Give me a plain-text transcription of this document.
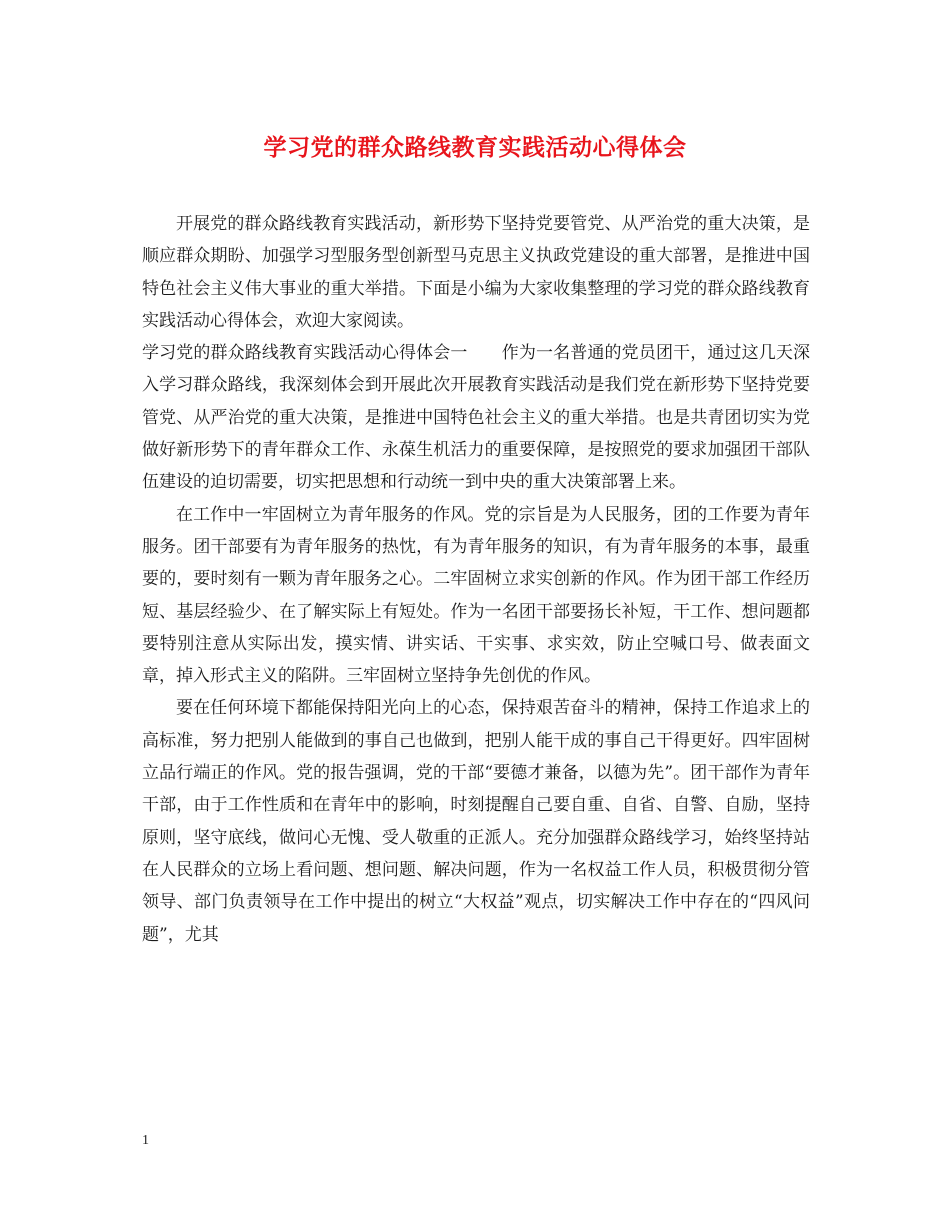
学习党的群众路线教育实践活动心得体会

开展党的群众路线教育实践活动，新形势下坚持党要管党、从严治党的重大决策，是顺应群众期盼、加强学习型服务型创新型马克思主义执政党建设的重大部署，是推进中国特色社会主义伟大事业的重大举措。下面是小编为大家收集整理的学习党的群众路线教育实践活动心得体会，欢迎大家阅读。

学习党的群众路线教育实践活动心得体会一　　作为一名普通的党员团干，通过这几天深入学习群众路线，我深刻体会到开展此次开展教育实践活动是我们党在新形势下坚持党要管党、从严治党的重大决策，是推进中国特色社会主义的重大举措。也是共青团切实为党做好新形势下的青年群众工作、永葆生机活力的重要保障，是按照党的要求加强团干部队伍建设的迫切需要，切实把思想和行动统一到中央的重大决策部署上来。

在工作中一牢固树立为青年服务的作风。党的宗旨是为人民服务，团的工作要为青年服务。团干部要有为青年服务的热忱，有为青年服务的知识，有为青年服务的本事，最重要的，要时刻有一颗为青年服务之心。二牢固树立求实创新的作风。作为团干部工作经历短、基层经验少、在了解实际上有短处。作为一名团干部要扬长补短，干工作、想问题都要特别注意从实际出发，摸实情、讲实话、干实事、求实效，防止空喊口号、做表面文章，掉入形式主义的陷阱。三牢固树立坚持争先创优的作风。

要在任何环境下都能保持阳光向上的心态，保持艰苦奋斗的精神，保持工作追求上的高标准，努力把别人能做到的事自己也做到，把别人能干成的事自己干得更好。四牢固树立品行端正的作风。党的报告强调，党的干部“要德才兼备，以德为先”。团干部作为青年干部，由于工作性质和在青年中的影响，时刻提醒自己要自重、自省、自警、自励，坚持原则，坚守底线，做问心无愧、受人敬重的正派人。充分加强群众路线学习，始终坚持站在人民群众的立场上看问题、想问题、解决问题，作为一名权益工作人员，积极贯彻分管领导、部门负责领导在工作中提出的树立“大权益”观点，切实解决工作中存在的“四风问题”，尤其

1
